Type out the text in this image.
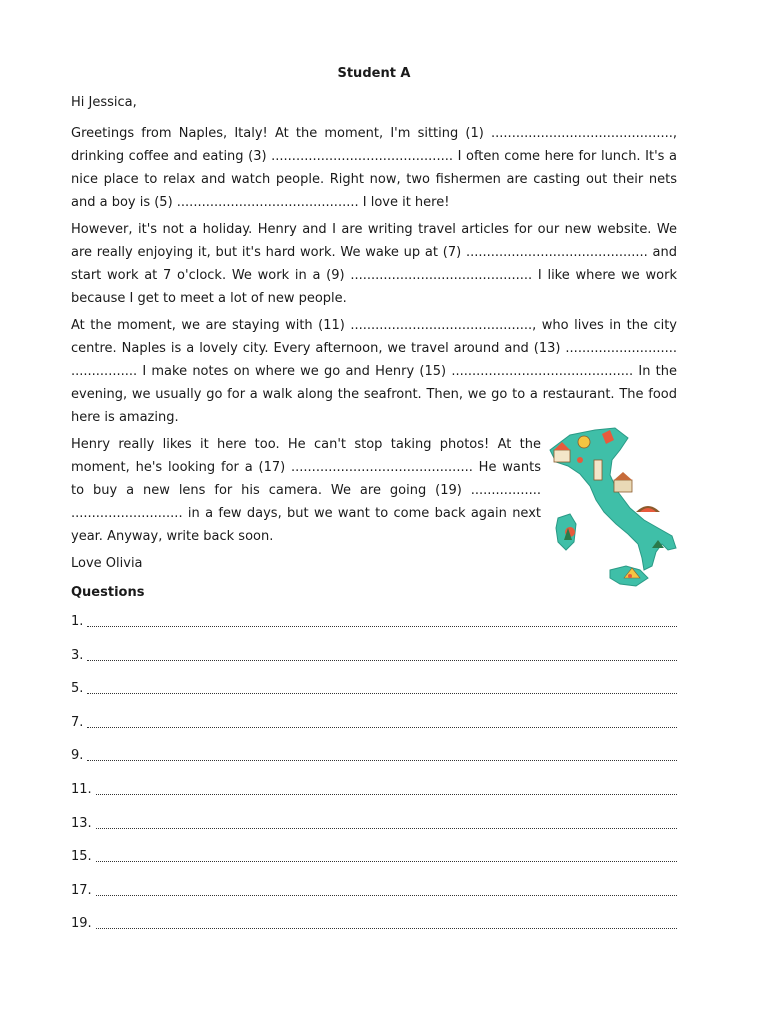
Student A
Hi Jessica,

Greetings from Naples, Italy! At the moment, I'm sitting (1) ............................................, drinking coffee and eating (3) ............................................ I often come here for lunch. It's a nice place to relax and watch people. Right now, two fishermen are casting out their nets and a boy is (5) ............................................ I love it here!

However, it's not a holiday. Henry and I are writing travel articles for our new website. We are really enjoying it, but it's hard work. We wake up at (7) ............................................ and start work at 7 o'clock. We work in a (9) ............................................ I like where we work because I get to meet a lot of new people.

At the moment, we are staying with (11) ............................................, who lives in the city centre. Naples is a lovely city. Every afternoon, we travel around and (13) ........................... ................ I make notes on where we go and Henry (15) ............................................ In the evening, we usually go for a walk along the seafront. Then, we go to a restaurant. The food here is amazing.

Henry really likes it here too. He can't stop taking photos! At the moment, he's looking for a (17) ............................................ He wants to buy a new lens for his camera. We are going (19) ................. ........................... in a few days, but we want to come back again next year. Anyway, write back soon.

Love Olivia
Questions
1.
3.
5.
7.
9.
11.
13.
15.
17.
19.
